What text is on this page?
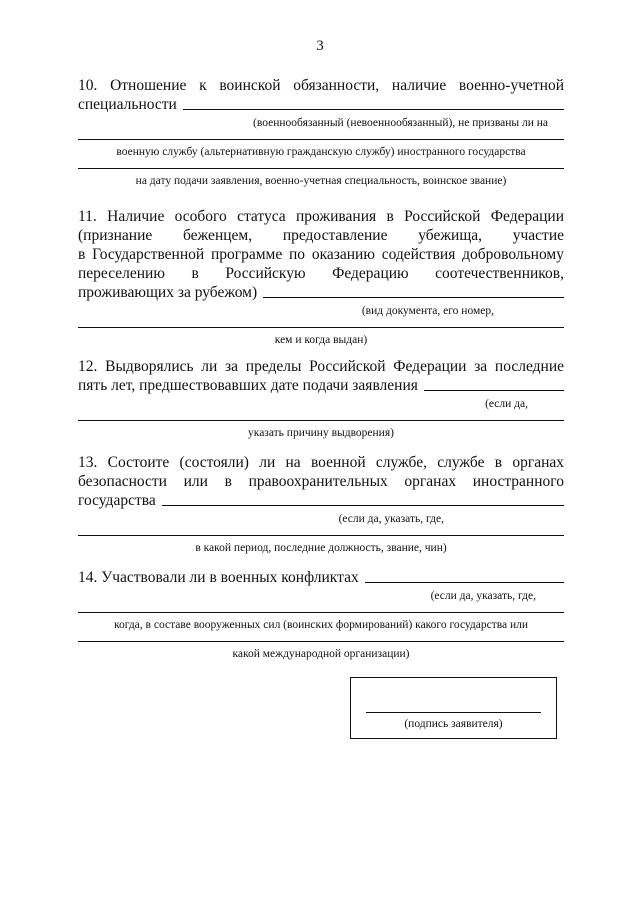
3
10. Отношение к воинской обязанности, наличие военно-учетной
специальности
(военнообязанный (невоеннообязанный), не призваны ли на
военную службу (альтернативную гражданскую службу) иностранного государства
на дату подачи заявления, военно-учетная специальность, воинское звание)
11. Наличие особого статуса проживания в Российской Федерации
(признание беженцем, предоставление убежища, участие
в Государственной программе по оказанию содействия добровольному
переселению в Российскую Федерацию соотечественников,
проживающих за рубежом)
(вид документа, его номер,
кем и когда выдан)
12. Выдворялись ли за пределы Российской Федерации за последние
пять лет, предшествовавших дате подачи заявления
(если да,
указать причину выдворения)
13. Состоите (состояли) ли на военной службе, службе в органах
безопасности или в правоохранительных органах иностранного
государства
(если да, указать, где,
в какой период, последние должность, звание, чин)
14. Участвовали ли в военных конфликтах
(если да, указать, где,
когда, в составе вооруженных сил (воинских формирований) какого государства или
какой международной организации)
(подпись заявителя)
